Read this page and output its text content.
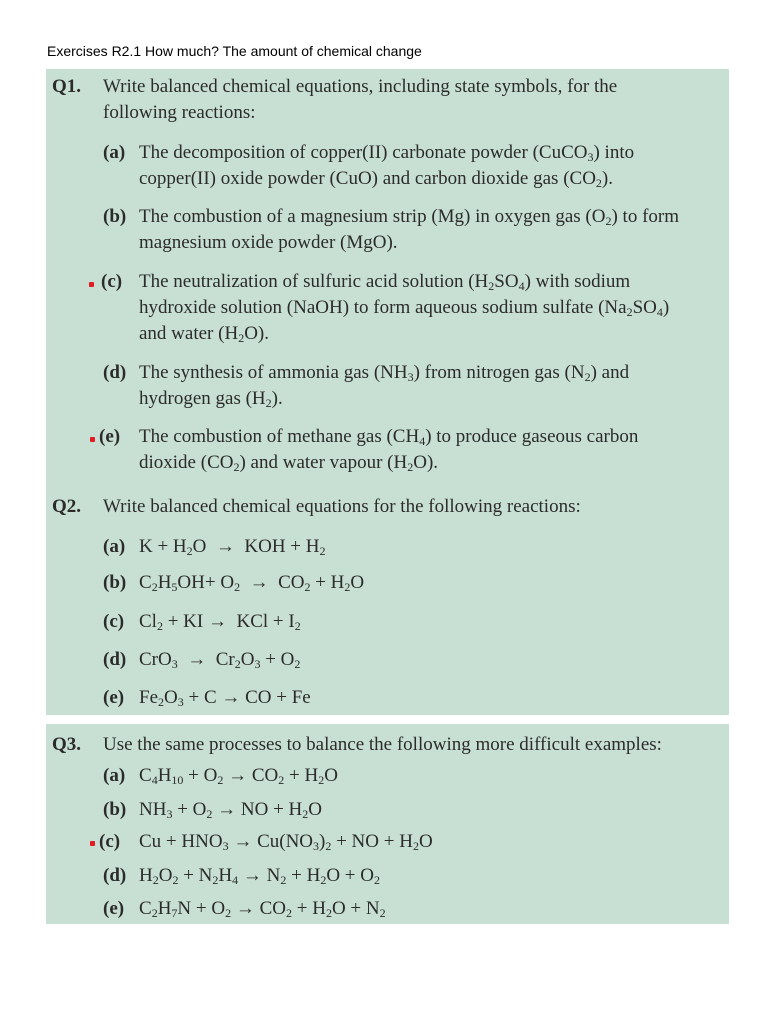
Exercises R2.1 How much? The amount of chemical change
Q1. Write balanced chemical equations, including state symbols, for the
following reactions:
(a) The decomposition of copper(II) carbonate powder (CuCO$_3$) into
copper(II) oxide powder (CuO) and carbon dioxide gas $(CO_2)$.
(b) The combustion of a magnesium strip (Mg) in oxygen gas $(O_2)$ to form
magnesium oxide powder (MgO).
(c) The neutralization of sulfuric acid solution $(H_2SO_4)$ with sodium
hydroxide solution (NaOH) to form aqueous sodium sulfate $(Na_2SO_4)$
and water $(H_2O)$.
(d) The synthesis of ammonia gas $(NH_3)$ from nitrogen gas $(N_2)$ and
hydrogen gas $(H_2)$.
(e) The combustion of methane gas $(CH_4)$ to produce gaseous carbon
dioxide $(CO_2)$ and water vapour $(H_2O)$.
Q2. Write balanced chemical equations for the following reactions:
(a) $K + H_2O$  →  KOH + $H_2$
(b) $C_2H_5OH+ O_2 \to CO_2 + H_2O$
(c) $Cl_2$ + KI →  KCl + $I_2$
(d) $CrO_3 \to Cr_2O_3 + O_2$
(e) $Fe_2O_3 + C$ → CO + Fe
Q3. Use the same processes to balance the following more difficult examples:
(a) $C_4H_{10} + O_2 \to CO_2 + H_2O$
(b) $NH_3 + O_2$ → NO + $H_2O$
(c) $Cu + HNO_3 \to Cu(NO_3)_2$ + NO + $H_2O$
(d) $H_2O_2 + N_2H_4 \to N_2 + H_2O + O_2$
(e) $C_2H_7N + O_2 \to CO_2 + H_2O + N_2$
